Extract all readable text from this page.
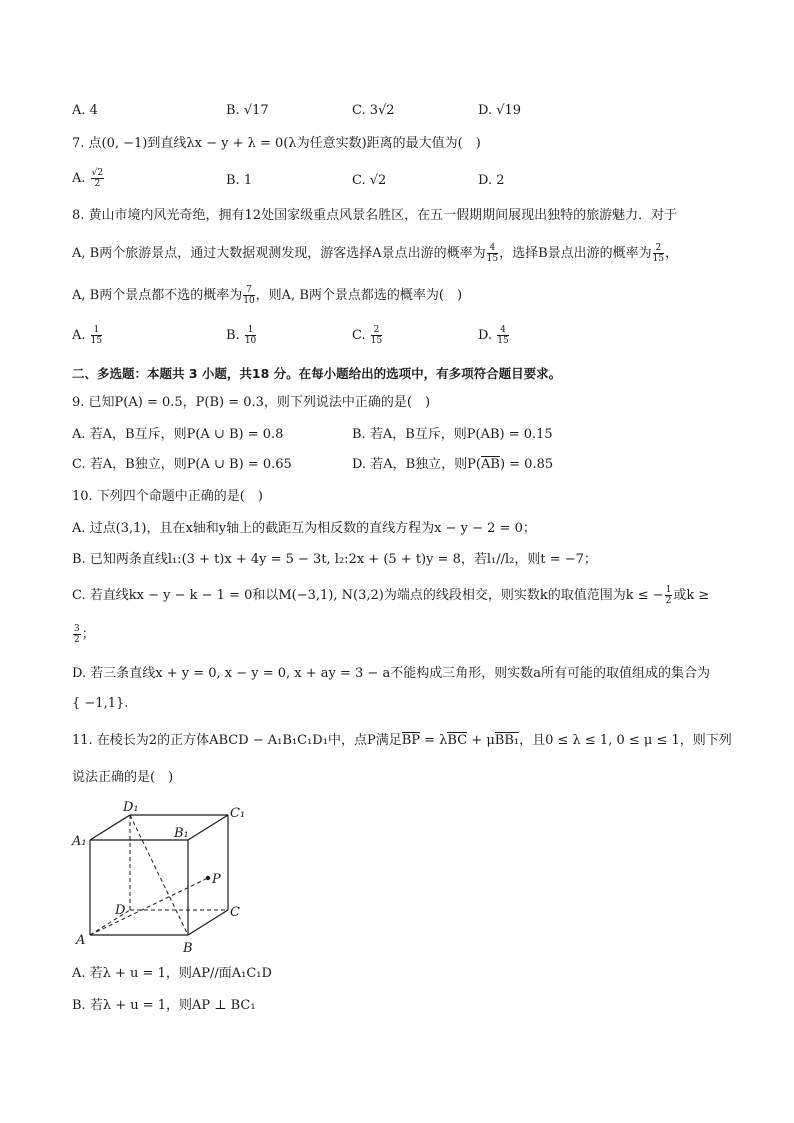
A. 4	B. √17	C. 3√2	D. √19
7. 点(0, −1)到直线λx − y + λ = 0(λ为任意实数)距离的最大值为(　)
A. $\frac{√2}{2}$	B. 1	C. √2	D. 2
8. 黄山市境内风光奇绝，拥有12处国家级重点风景名胜区，在五一假期期间展现出独特的旅游魅力．对于
A, B两个旅游景点，通过大数据观测发现，游客选择A景点出游的概率为 $\frac{4}{15}$ ，选择B景点出游的概率为 $\frac{2}{15}$ ，
A, B两个景点都不选的概率为 $\frac{7}{10}$ ，则A, B两个景点都选的概率为(　)
A. $\frac{1}{15}$	B. $\frac{1}{10}$	C. $\frac{2}{15}$	D. $\frac{4}{15}$
二、多选题：本题共 3 小题，共18 分。在每小题给出的选项中，有多项符合题目要求。
9. 已知P(A) = 0.5，P(B) = 0.3，则下列说法中正确的是(　)
A. 若A，B互斥，则P(A ∪ B) = 0.8	B. 若A，B互斥，则P(AB) = 0.15
C. 若A，B独立，则P(A ∪ B) = 0.65	D. 若A，B独立，则$P(\overline{AB}) = 0.85$
10. 下列四个命题中正确的是(　)
A. 过点(3,1)，且在x轴和y轴上的截距互为相反数的直线方程为x − y − 2 = 0；
B. 已知两条直线l₁:(3 + t)x + 4y = 5 − 3t, l₂:2x + (5 + t)y = 8，若l₁//l₂，则t = −7；
C. 若直线kx − y − k − 1 = 0和以M(−3,1), N(3,2)为端点的线段相交，则实数k的取值范围为k ≤ − $\frac{1}{2}$ 或k ≥
$\frac{3}{2}$ ；
D. 若三条直线x + y = 0, x − y = 0, x + ay = 3 − a不能构成三角形，则实数a所有可能的取值组成的集合为
{ −1,1}.
11. 在棱长为2的正方体ABCD − A₁B₁C₁D₁中，点P满足BP = λBC + μBB₁，且0 ≤ λ ≤ 1, 0 ≤ μ ≤ 1，则下列
说法正确的是(　)
D₁	C₁
A₁
B₁
P
D	C
A
B
A. 若λ + u = 1，则AP//面A₁C₁D
B. 若λ + u = 1，则AP ⊥ BC₁
